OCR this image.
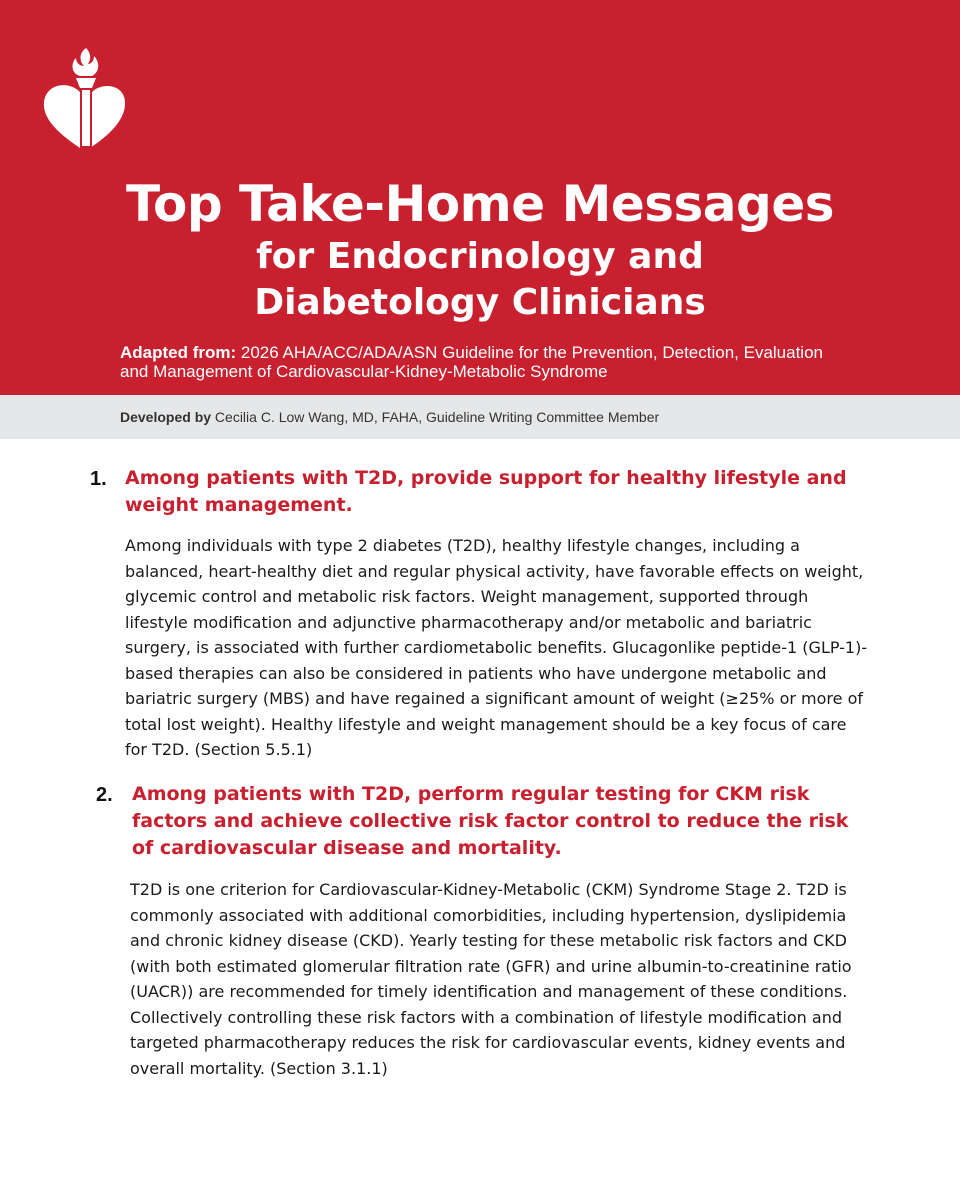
Top Take-Home Messages
for Endocrinology and Diabetology Clinicians

Adapted from: 2026 AHA/ACC/ADA/ASN Guideline for the Prevention, Detection, Evaluation and Management of Cardiovascular-Kidney-Metabolic Syndrome

Developed by Cecilia C. Low Wang, MD, FAHA, Guideline Writing Committee Member

1. Among patients with T2D, provide support for healthy lifestyle and weight management.

Among individuals with type 2 diabetes (T2D), healthy lifestyle changes, including a balanced, heart-healthy diet and regular physical activity, have favorable effects on weight, glycemic control and metabolic risk factors. Weight management, supported through lifestyle modification and adjunctive pharmacotherapy and/or metabolic and bariatric surgery, is associated with further cardiometabolic benefits. Glucagonlike peptide-1 (GLP-1)-based therapies can also be considered in patients who have undergone metabolic and bariatric surgery (MBS) and have regained a significant amount of weight (≥25% or more of total lost weight). Healthy lifestyle and weight management should be a key focus of care for T2D. (Section 5.5.1)

2. Among patients with T2D, perform regular testing for CKM risk factors and achieve collective risk factor control to reduce the risk of cardiovascular disease and mortality.

T2D is one criterion for Cardiovascular-Kidney-Metabolic (CKM) Syndrome Stage 2. T2D is commonly associated with additional comorbidities, including hypertension, dyslipidemia and chronic kidney disease (CKD). Yearly testing for these metabolic risk factors and CKD (with both estimated glomerular filtration rate (GFR) and urine albumin-to-creatinine ratio (UACR)) are recommended for timely identification and management of these conditions. Collectively controlling these risk factors with a combination of lifestyle modification and targeted pharmacotherapy reduces the risk for cardiovascular events, kidney events and overall mortality. (Section 3.1.1)
